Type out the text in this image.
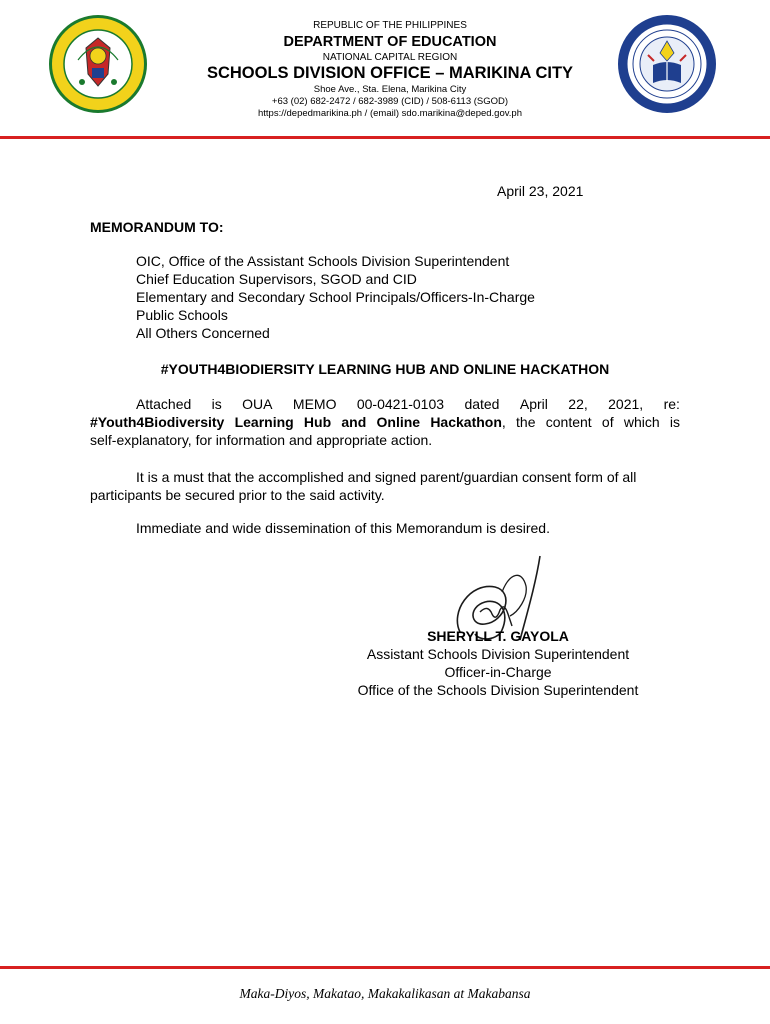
REPUBLIC OF THE PHILIPPINES
DEPARTMENT OF EDUCATION
NATIONAL CAPITAL REGION
SCHOOLS DIVISION OFFICE – MARIKINA CITY
Shoe Ave., Sta. Elena, Marikina City
+63 (02) 682-2472 / 682-3989 (CID) / 508-6113 (SGOD)
https://depedmarikina.ph / (email) sdo.marikina@deped.gov.ph
April 23, 2021
MEMORANDUM TO:
OIC, Office of the Assistant Schools Division Superintendent
Chief Education Supervisors, SGOD and CID
Elementary and Secondary School Principals/Officers-In-Charge
Public Schools
All Others Concerned
#YOUTH4BIODIERSITY LEARNING HUB AND ONLINE HACKATHON
Attached is OUA MEMO 00-0421-0103 dated April 22, 2021, re:
#Youth4Biodiversity Learning Hub and Online Hackathon, the content of which is
self-explanatory, for information and appropriate action.
It is a must that the accomplished and signed parent/guardian consent form of all
participants be secured prior to the said activity.
Immediate and wide dissemination of this Memorandum is desired.
SHERYLL T. GAYOLA
Assistant Schools Division Superintendent
Officer-in-Charge
Office of the Schools Division Superintendent
Maka-Diyos, Makatao, Makakalikasan at Makabansa
